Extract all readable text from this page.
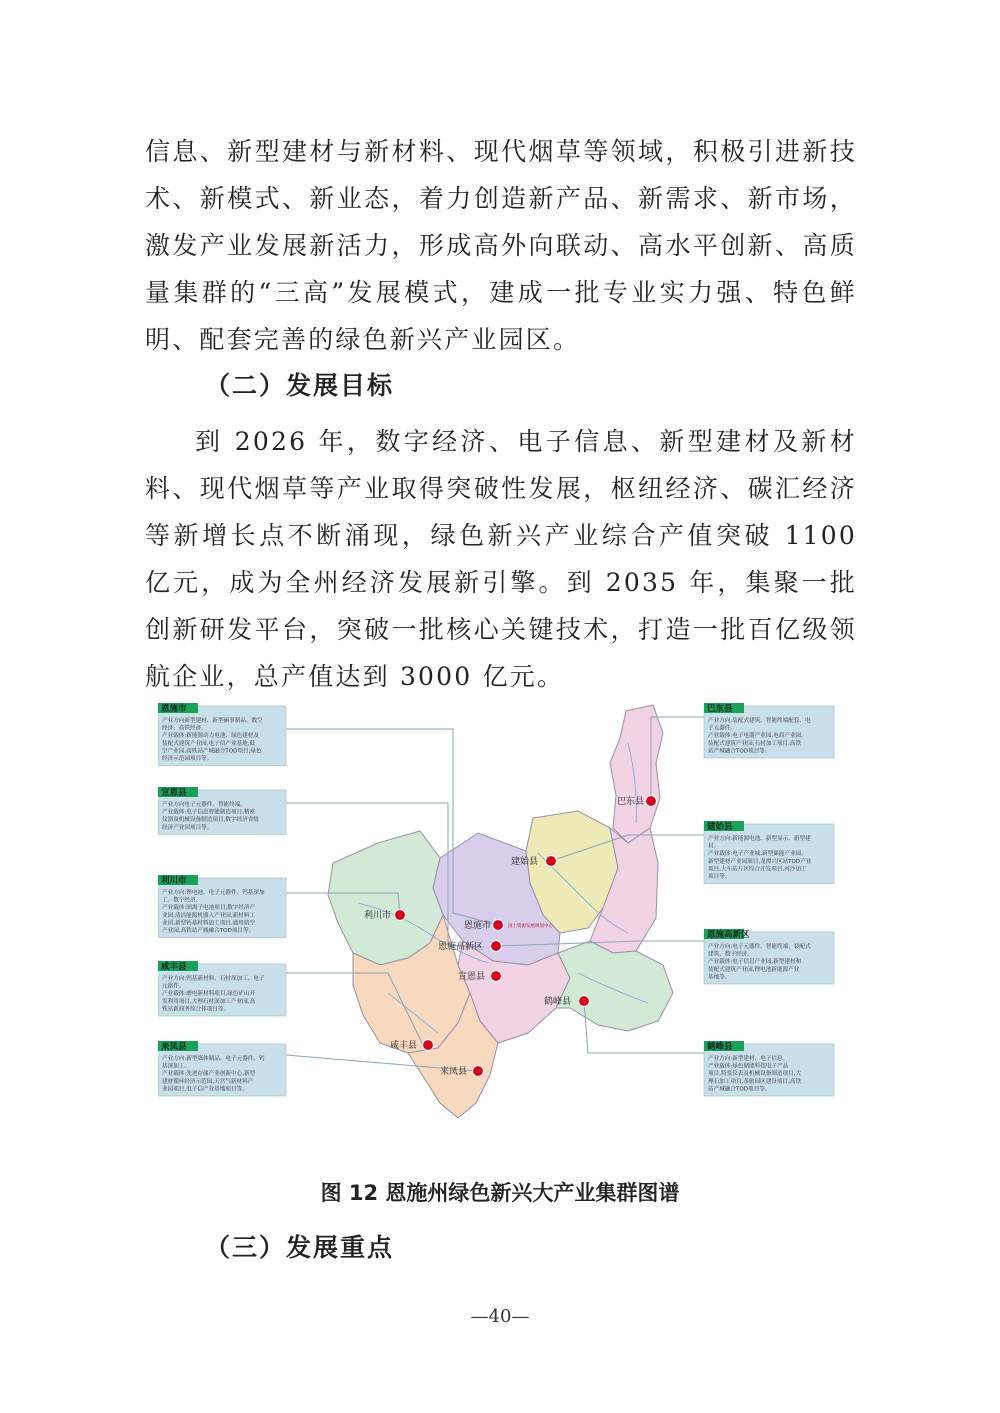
信息、新型建材与新材料、现代烟草等领域，积极引进新技术、新模式、新业态，着力创造新产品、新需求、新市场，激发产业发展新活力，形成高外向联动、高水平创新、高质量集群的“三高”发展模式，建成一批专业实力强、特色鲜明、配套完善的绿色新兴产业园区。

（二）发展目标

到 2026 年，数字经济、电子信息、新型建材及新材料、现代烟草等产业取得突破性发展，枢纽经济、碳汇经济等新增长点不断涌现，绿色新兴产业综合产值突破 1100 亿元，成为全州经济发展新引擎。到 2035 年，集聚一批创新研发平台，突破一批核心关键技术，打造一批百亿级领航企业，总产值达到 3000 亿元。

恩施市
产业方向新型建材、新型硒事制品、数空
经济、高铁经济。
产业载体:新能源动力电池、绿色建材及
装配式建筑产业园,电子信产业基地,低
空产业园,高铁站产城融合TOD项目,绿色
经济示范园项目等。
宣恩县
产业方向电子元器件、智能终端。
产业载体:电子信息智能制造项目,精密
仪器及机械设备制造项目,数字经济省级
经济产业园项目等。
利川市
产业方向:锂电池、电子元器件、钙基深加
工、数字经济。
产业载体:固离子电池项目,数字经济产
业园,清洁能源机器人产业园,新材料工
业园,新型钙基材料加工项目,通用航空
产业园,高铁站产城融合TOD项目等。
咸丰县
产业方向:钙基新材料、石材深加工、电子
元器件。
产业载体:磨电新材料项目,绿色矿山开
发利用项目,大理石材深加工产业园,高
铁站新商务综合体项目等。
来凤县
产业方向:新型墙体制品、电子元器件、钙
基深加工。
产业载体:先进存储产业创新中心,新型
建材循环经济示范园,天宫气新材料产
业园项目,电子信产业基地项目等。
巴东县
产业方向:装配式建筑、智能终端配套、电
子元器件。
产业载体:电子电器产业园,电商产业园,
装配式建筑产业园,石材加工项目,高铁
站产城融合TOD项目等。
建始县
产业方向:新能源电池、新型显示、新型建
材。
产业载体:电子产业城,新型储能产业园,
新型建材产业园项目,龙潭兴区站TOD产业
项目,大车站片区综合开发项目,河沙加工
项目等。
恩施高新区
产业方向:电子元器件、智能终端、装配式
建筑、数字经济。
产业载体:电子信息产业园,新型建材和
装配式建筑产业园,锂电池新能源产业
基地等。
鹤峰县
产业方向:新型建材、电子信息。
产业载体:绿色储能科技电子产品
项目,特变仪表及机械设备制造项目,大
理石加工项目,茶旅园区建设项目,高铁
站产城融合TOD项目等。
巴东县
建始县
恩施市
利川市
恩施高新区
宣恩县
鹤峰县
咸丰县
来凤县
国土资源发展规划中心
图 12 恩施州绿色新兴大产业集群图谱

（三）发展重点

—40—
